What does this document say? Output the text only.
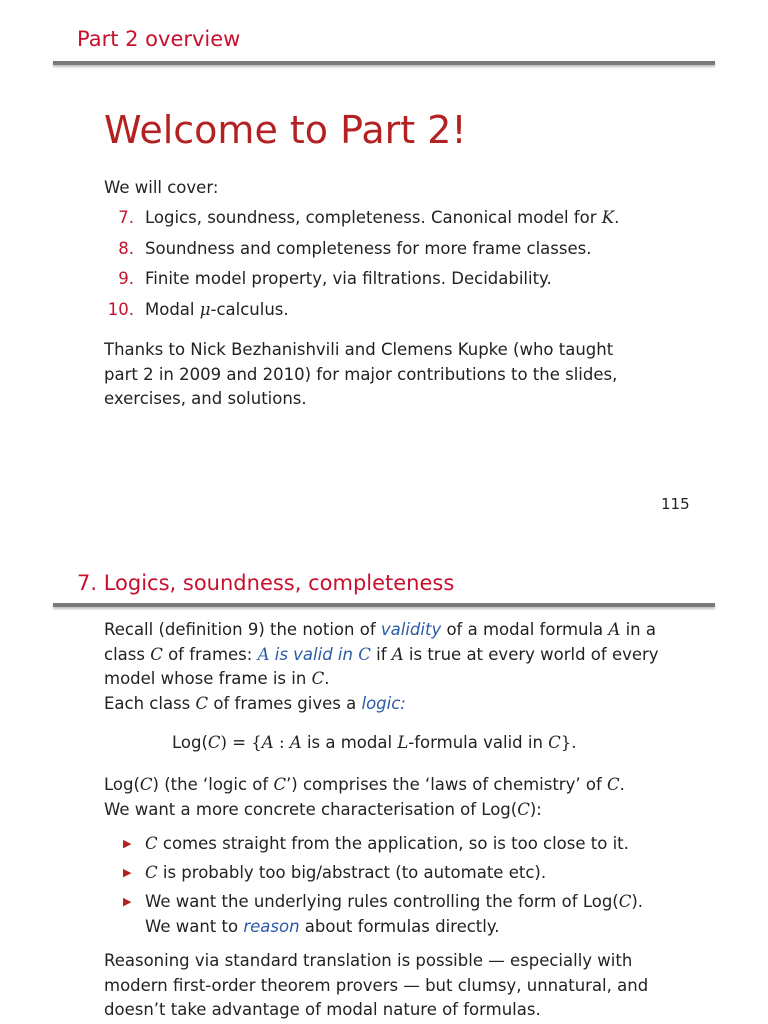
Part 2 overview
Welcome to Part 2!
We will cover:
7. Logics, soundness, completeness. Canonical model for K.
8. Soundness and completeness for more frame classes.
9. Finite model property, via filtrations. Decidability.
10. Modal μ-calculus.
Thanks to Nick Bezhanishvili and Clemens Kupke (who taught part 2 in 2009 and 2010) for major contributions to the slides, exercises, and solutions.
115
7. Logics, soundness, completeness
Recall (definition 9) the notion of validity of a modal formula A in a class C of frames: A is valid in C if A is true at every world of every model whose frame is in C.
Each class C of frames gives a logic:
Log(C) = {A : A is a modal L-formula valid in C}.
Log(C) (the ‘logic of C’) comprises the ‘laws of chemistry’ of C.
We want a more concrete characterisation of Log(C):
▶ C comes straight from the application, so is too close to it.
▶ C is probably too big/abstract (to automate etc).
▶ We want the underlying rules controlling the form of Log(C).
We want to reason about formulas directly.
Reasoning via standard translation is possible — especially with modern first-order theorem provers — but clumsy, unnatural, and doesn’t take advantage of modal nature of formulas.
